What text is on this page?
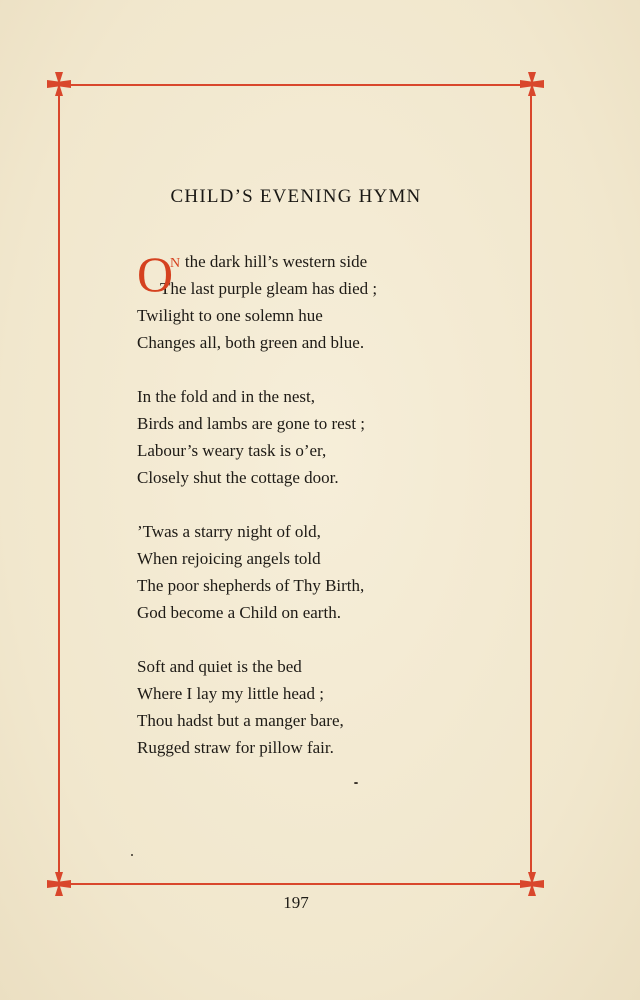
CHILD’S EVENING HYMN
O
N the dark hill’s western side
The last purple gleam has died ;
Twilight to one solemn hue
Changes all, both green and blue.
In the fold and in the nest,
Birds and lambs are gone to rest ;
Labour’s weary task is o’er,
Closely shut the cottage door.
’Twas a starry night of old,
When rejoicing angels told
The poor shepherds of Thy Birth,
God become a Child on earth.
Soft and quiet is the bed
Where I lay my little head ;
Thou hadst but a manger bare,
Rugged straw for pillow fair.
197
